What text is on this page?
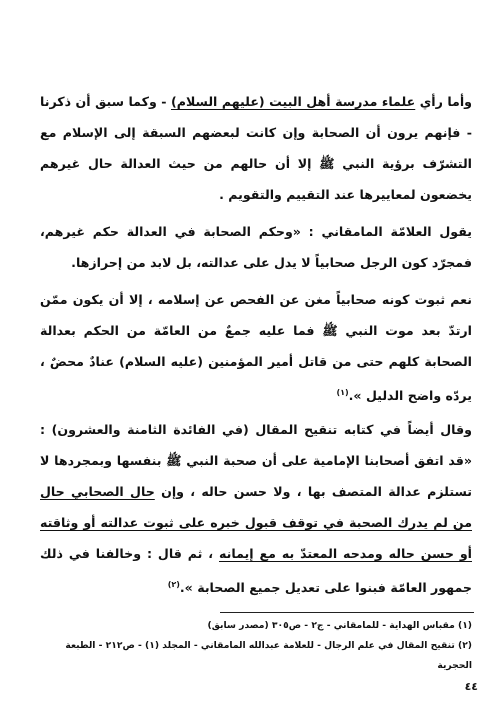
وأما رأي علماء مدرسة أهل البيت (عليهم السلام) - وكما سبق أن ذكرنا - فإنهم يرون أن الصحابة وإن كانت لبعضهم السبقة إلى الإسلام مع التشرّف برؤية النبي ﷺ إلا أن حالهم من حيث العدالة حال غيرهم يخضعون لمعاييرها عند التقييم والتقويم .
يقول العلامّة المامقاني : «وحكم الصحابة في العدالة حكم غيرهم، فمجرّد كون الرجل صحابياً لا يدل على عدالته، بل لابد من إحرازها.
نعم ثبوت كونه صحابياً مغن عن الفحص عن إسلامه ، إلا أن يكون ممّن ارتدّ بعد موت النبي ﷺ فما عليه جمعٌ من العامّة من الحكم بعدالة الصحابة كلهم حتى من قاتل أمير المؤمنين (عليه السلام) عنادٌ محضٌ ، يردّه واضح الدليل ».$^{(١)}$
وقال أيضاً في كتابه تنقيح المقال (في الفائدة الثامنة والعشرون) : «قد اتفق أصحابنا الإمامية على أن صحبة النبي ﷺ بنفسها وبمجردها لا تستلزم عدالة المتصف بها ، ولا حسن حاله ، وإن حال الصحابي حال من لم يدرك الصحبة في توقف قبول خبره على ثبوت عدالته أو وثاقته أو حسن حاله ومدحه المعتدّ به مع إيمانه ، ثم قال : وخالفنا في ذلك جمهور العامّة فبنوا على تعديل جميع الصحابة ».$^{(٢)}$
(١) مقباس الهداية - للمامقاني - ج٢ - ص٣٠٥ (مصدر سابق)
(٢) تنقيح المقال في علم الرجال - للعلامة عبدالله المامقاني - المجلد (١) - ص٢١٢ - الطبعة الحجرية
٤٤
